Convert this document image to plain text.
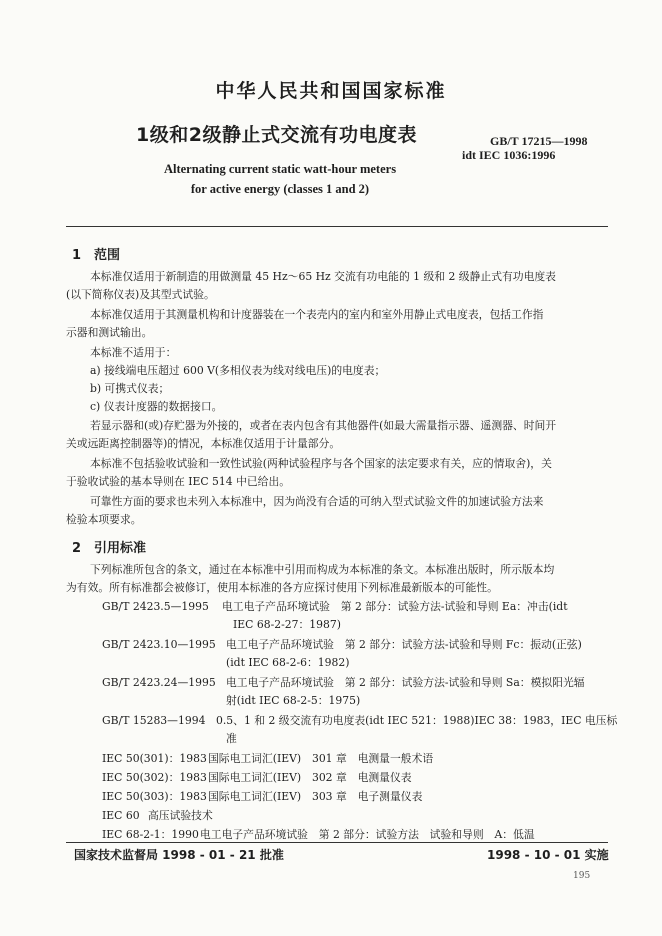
中华人民共和国国家标准
1级和2级静止式交流有功电度表	GB/T 17215—1998
idt IEC 1036:1996
Alternating current static watt-hour meters
for active energy (classes 1 and 2)
1　范围
本标准仅适用于新制造的用做测量 45 Hz～65 Hz 交流有功电能的 1 级和 2 级静止式有功电度表
(以下简称仪表)及其型式试验。
本标准仅适用于其测量机构和计度器装在一个表壳内的室内和室外用静止式电度表，包括工作指
示器和测试输出。
本标准不适用于：
a) 接线端电压超过 600 V(多相仪表为线对线电压)的电度表；
b) 可携式仪表；
c) 仪表计度器的数据接口。
若显示器和(或)存贮器为外接的，或者在表内包含有其他器件(如最大需量指示器、遥测器、时间开
关或远距离控制器等)的情况，本标准仅适用于计量部分。
本标准不包括验收试验和一致性试验(两种试验程序与各个国家的法定要求有关，应的情取舍)，关
于验收试验的基本导则在 IEC 514 中已给出。
可靠性方面的要求也未列入本标准中，因为尚没有合适的可纳入型式试验文件的加速试验方法来
检验本项要求。
2　引用标准
下列标准所包含的条文，通过在本标准中引用而构成为本标准的条文。本标准出版时，所示版本均
为有效。所有标准都会被修订，使用本标准的各方应探讨使用下列标准最新版本的可能性。
GB/T 2423.5—1995 电工电子产品环境试验　第 2 部分：试验方法-试验和导则 Ea：冲击(idt
IEC 68-2-27：1987)
GB/T 2423.10—1995 电工电子产品环境试验　第 2 部分：试验方法-试验和导则 Fc：振动(正弦)
(idt IEC 68-2-6：1982)
GB/T 2423.24—1995 电工电子产品环境试验　第 2 部分：试验方法-试验和导则 Sa：模拟阳光辐
射(idt IEC 68-2-5：1975)
GB/T 15283—1994 0.5、1 和 2 级交流有功电度表(idt IEC 521：1988)IEC 38：1983，IEC 电压标
准
IEC 50(301)：1983 国际电工词汇(IEV)　301 章　电测量一般术语
IEC 50(302)：1983 国际电工词汇(IEV)　302 章　电测量仪表
IEC 50(303)：1983 国际电工词汇(IEV)　303 章　电子测量仪表
IEC 60 高压试验技术
IEC 68-2-1：1990 电工电子产品环境试验　第 2 部分：试验方法　试验和导则　A：低温
国家技术监督局 1998 - 01 - 21 批准	1998 - 10 - 01 实施
195
